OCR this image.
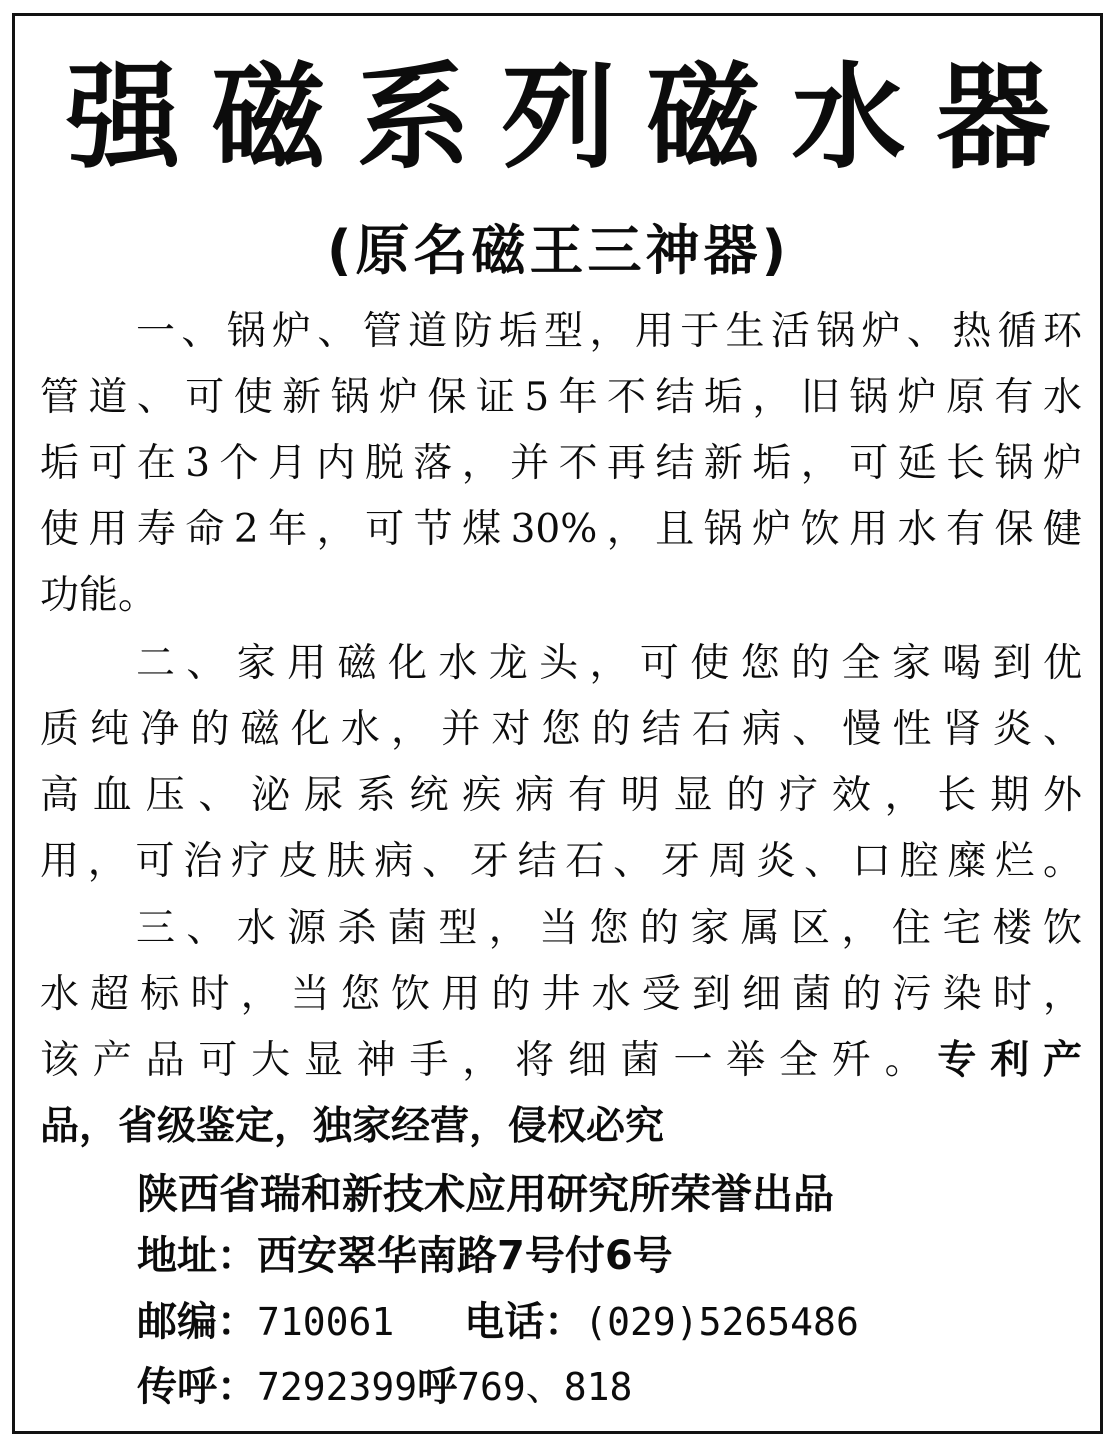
强磁系列磁水器
(原名磁王三神器)
一、锅炉、管道防垢型，用于生活锅炉、热循环
管道、可使新锅炉保证5年不结垢，旧锅炉原有水
垢可在3个月内脱落，并不再结新垢，可延长锅炉
使用寿命2年，可节煤30%，且锅炉饮用水有保健
功能。
二、家用磁化水龙头，可使您的全家喝到优
质纯净的磁化水，并对您的结石病、慢性肾炎、
高血压、泌尿系统疾病有明显的疗效，长期外
用，可治疗皮肤病、牙结石、牙周炎、口腔糜烂。
三、水源杀菌型，当您的家属区，住宅楼饮
水超标时，当您饮用的井水受到细菌的污染时，
该产品可大显神手，将细菌一举全歼。专利产
品，省级鉴定，独家经营，侵权必究
陕西省瑞和新技术应用研究所荣誉出品
地址：西安翠华南路7号付6号
邮编：710061 电话：(029)5265486
传呼：7292399呼769、818
